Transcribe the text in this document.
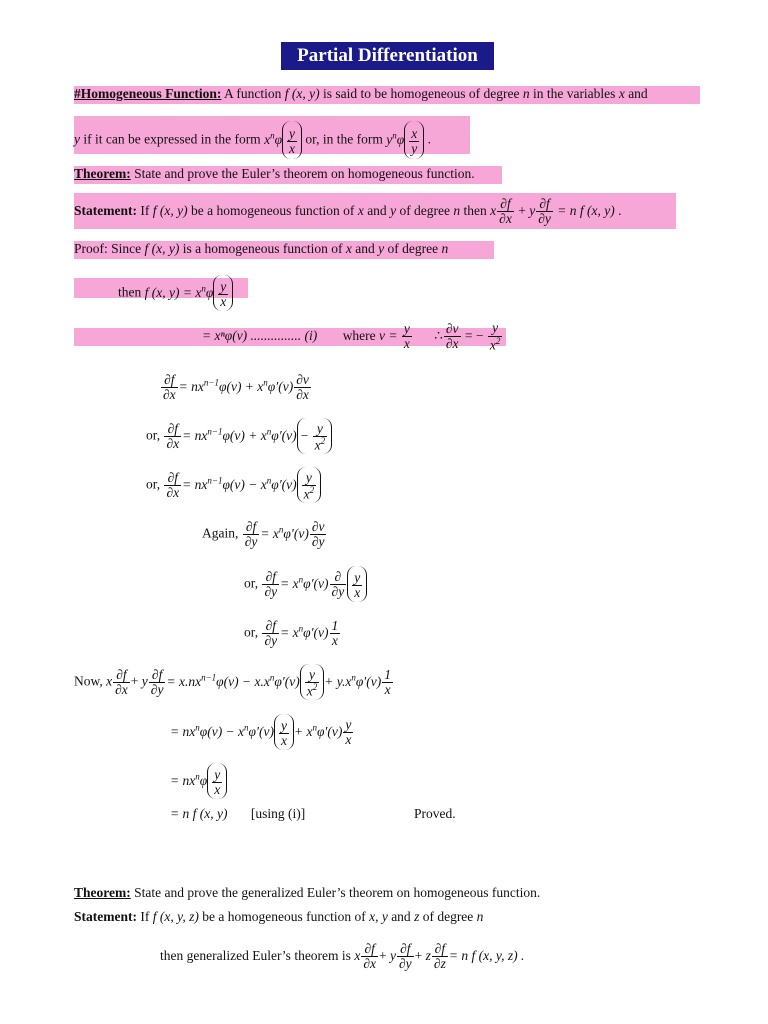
Partial Differentiation
#Homogeneous Function: A function f (x, y) is said to be homogeneous of degree n in the variables x and
y if it can be expressed in the form $x^n\varphi \frac{y}{x}$ or, in the form $y^n\varphi \frac{x}{y}$ .
Theorem: State and prove the Euler’s theorem on homogeneous function.
Statement: If f (x, y) be a homogeneous function of x and y of degree n then x $\frac{\partial f}{\partial x} + y \frac{\partial f}{\partial y} = n$ f (x, y) .
Proof: Since f (x, y) is a homogeneous function of x and y of degree n
then f (x, $y) = x^n\varphi \frac{y}{x}$
= xⁿφ(v) ............... (i) where $v = \frac{y}{x}$ ∴ $\frac{\partial v}{\partial x}$ = − $\frac{y}{x^2}$
$\frac{\partial f}{\partial x} = nx^{n-1}\varphi(v) + x^n\varphi'(v) \frac{\partial v}{\partial x}$
or, $\frac{\partial f}{\partial x} = nx^{n-1}\varphi(v) + x^n\varphi'(v) - \frac{y}{x^2}$
or, $\frac{\partial f}{\partial x} = nx^{n-1}\varphi(v) - x^n\varphi'(v) \frac{y}{x^2}$
Again, $\frac{\partial f}{\partial y} = x^n\varphi'(v) \frac{\partial v}{\partial y}$
or, $\frac{\partial f}{\partial y} = x^n\varphi'(v) \frac{\partial}{\partial y} \frac{y}{x}$
or, $\frac{\partial f}{\partial y} = x^n\varphi'(v) \frac{1}{x}$
Now, x $\frac{\partial f}{\partial x} + y \frac{\partial f}{\partial y} = x.nx^{n-1}\varphi(v) - x.x^n\varphi'(v) \frac{y}{x^2} + y.x^n\varphi'(v) \frac{1}{x}$
= $nx^n\varphi(v) - x^n\varphi'(v) \frac{y}{x} + x^n\varphi'(v) \frac{y}{x}$
= $nx^n\varphi \frac{y}{x}$
= n f (x, y) [using (i)]	Proved.
Theorem: State and prove the generalized Euler’s theorem on homogeneous function.
Statement: If f (x, y, z) be a homogeneous function of x, y and z of degree n
then generalized Euler’s theorem is x $\frac{\partial f}{\partial x} + y \frac{\partial f}{\partial y} + z \frac{\partial f}{\partial z} = n$ f (x, y, z) .
